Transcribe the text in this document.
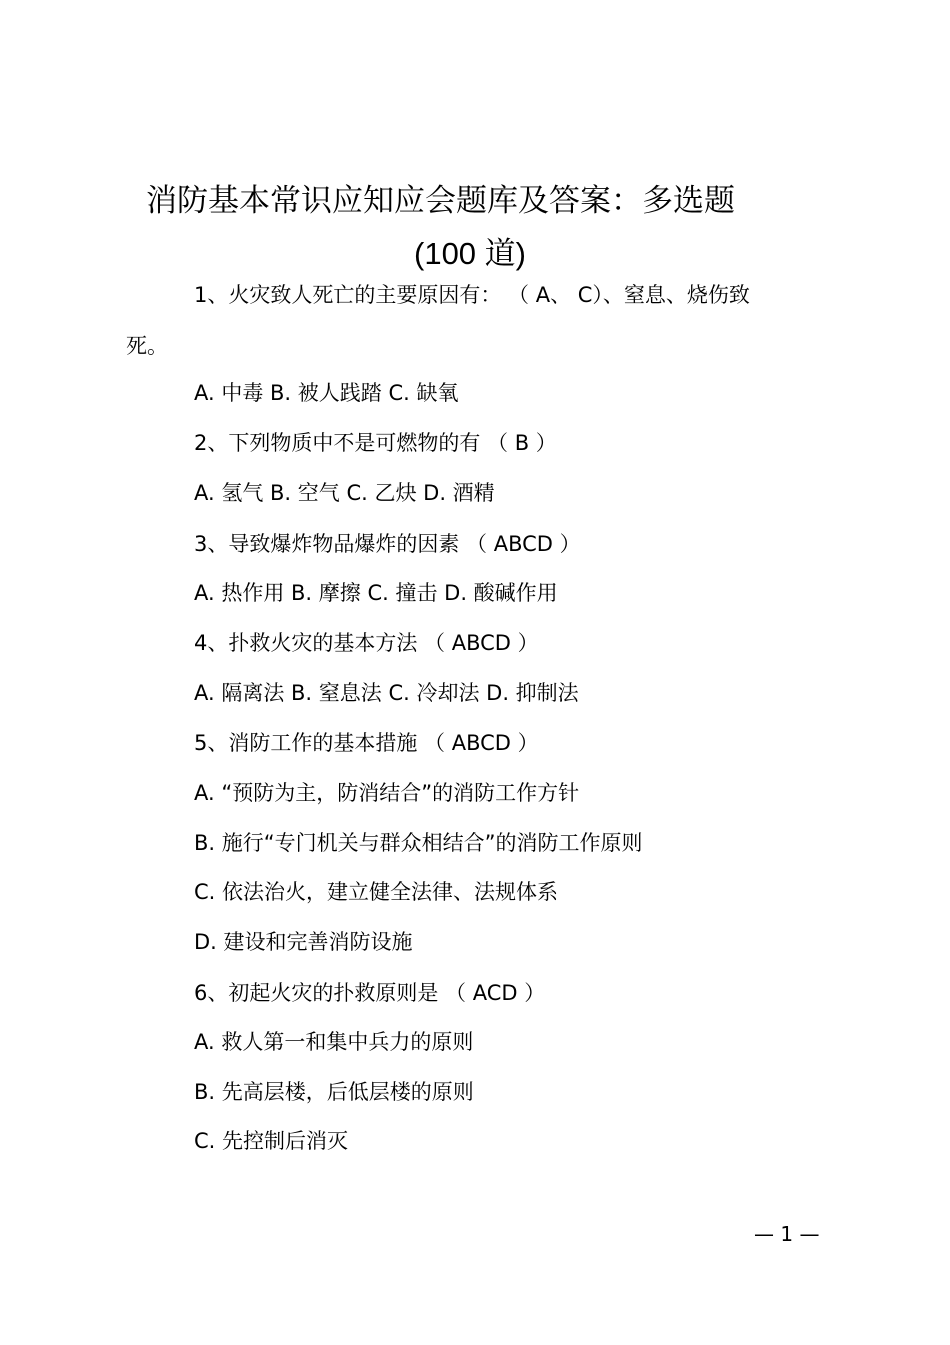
消防基本常识应知应会题库及答案：多选题
(100 道)
1、火灾致人死亡的主要原因有： （ A、 C）、窒息、烧伤致
死。
A. 中毒 B. 被人践踏 C. 缺氧
2、下列物质中不是可燃物的有 （ B ）
A. 氢气 B. 空气 C. 乙炔 D. 酒精
3、导致爆炸物品爆炸的因素 （ ABCD ）
A. 热作用 B. 摩擦 C. 撞击 D. 酸碱作用
4、扑救火灾的基本方法 （ ABCD ）
A. 隔离法 B. 窒息法 C. 冷却法 D. 抑制法
5、消防工作的基本措施 （ ABCD ）
A. “预防为主，防消结合”的消防工作方针
B. 施行“专门机关与群众相结合”的消防工作原则
C. 依法治火，建立健全法律、法规体系
D. 建设和完善消防设施
6、初起火灾的扑救原则是 （ ACD ）
A. 救人第一和集中兵力的原则
B. 先高层楼，后低层楼的原则
C. 先控制后消灭
— 1 —
